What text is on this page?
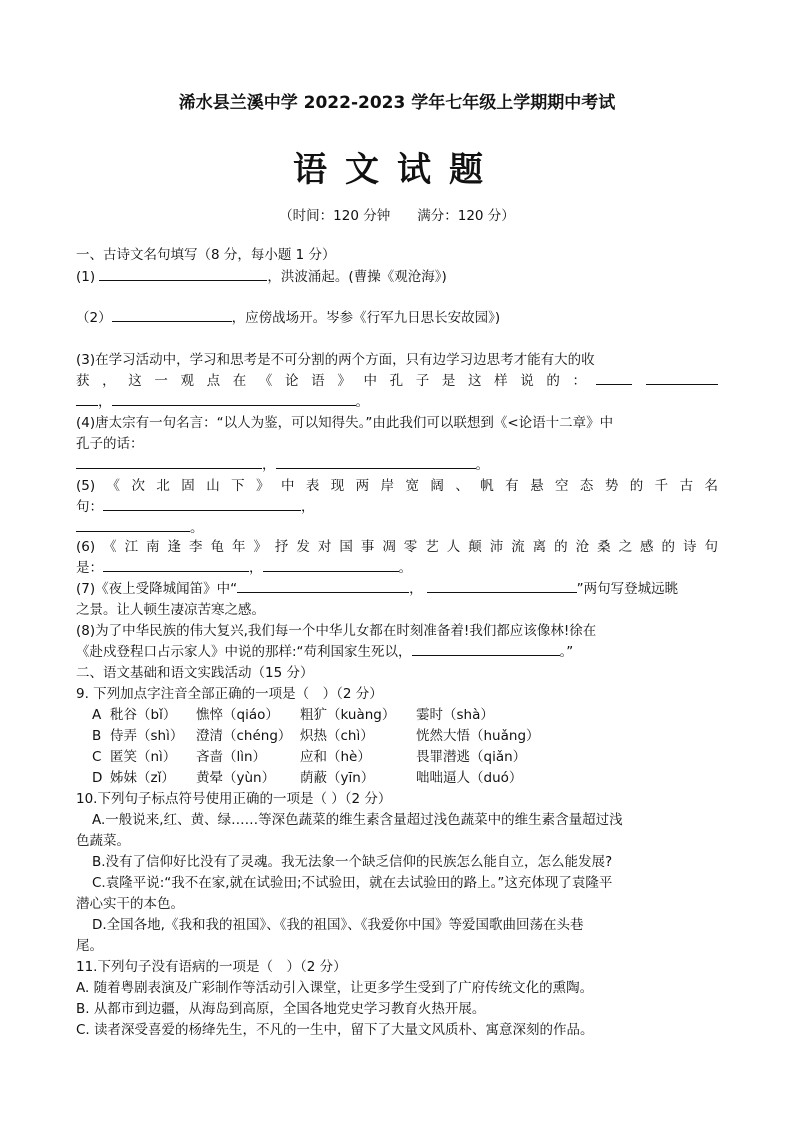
浠水县兰溪中学 2022-2023 学年七年级上学期期中考试
语文试题
（时间：120 分钟　　满分：120 分）
一、古诗文名句填写（8 分，每小题 1 分）
(1)	，洪波涌起。(曹操《观沧海》)
（2）	，应傍战场开。岑参《行军九日思长安故园》)
(3)在学习活动中，学习和思考是不可分割的两个方面，只有边学习边思考才能有大的收
获，这一观点在《论语》中孔子是这样说的：
，	。
(4)唐太宗有一句名言：“以人为鉴，可以知得失。”由此我们可以联想到《<论语十二章》中
孔子的话：
，	。
(5)《次北固山下》中表现两岸宽阔、帆有悬空态势的千古名
句：	，
。
(6)《江南逢李龟年》抒发对国事凋零艺人颠沛流离的沧桑之感的诗句
是：	，	。
(7)《夜上受降城闻笛》中“	，	”两句写登城远眺
之景。让人顿生凄凉苦寒之感。
(8)为了中华民族的伟大复兴,我们每一个中华儿女都在时刻准备着!我们都应该像林!徐在
《赴戍登程口占示家人》中说的那样:“苟利国家生死以，	。”
二、语文基础和语文实践活动（15 分）
9. 下列加点字注音全部正确的一项是（　）（2 分）
A 秕谷（bǐ） 憔悴（qiáo） 粗犷（kuàng） 霎时（shà）
B 侍弄（shì） 澄清（chéng） 炽热（chì）	恍然大悟（huǎng）
C 匿笑（nì） 吝啬（lìn）	应和（hè）	畏罪潜逃（qiǎn）
D 姊妹（zǐ） 黄晕（yùn） 荫蔽（yīn）	咄咄逼人（duó）
10.下列句子标点符号使用正确的一项是（ ）（2 分）
A.一般说来,红、黄、绿……等深色蔬菜的维生素含量超过浅色蔬菜中的维生素含量超过浅
色蔬菜。
B.没有了信仰好比没有了灵魂。我无法象一个缺乏信仰的民族怎么能自立，怎么能发展?
C.袁隆平说:“我不在家,就在试验田;不试验田，就在去试验田的路上。”这充体现了袁隆平
潜心实干的本色。
D.全国各地,《我和我的祖国》、《我的祖国》、《我爱你中国》等爱国歌曲回荡在头巷
尾。
11.下列句子没有语病的一项是（　）（2 分）
A. 随着粤剧表演及广彩制作等活动引入课堂，让更多学生受到了广府传统文化的熏陶。
B. 从都市到边疆，从海岛到高原，全国各地党史学习教育火热开展。
C. 读者深受喜爱的杨绛先生，不凡的一生中，留下了大量文风质朴、寓意深刻的作品。
